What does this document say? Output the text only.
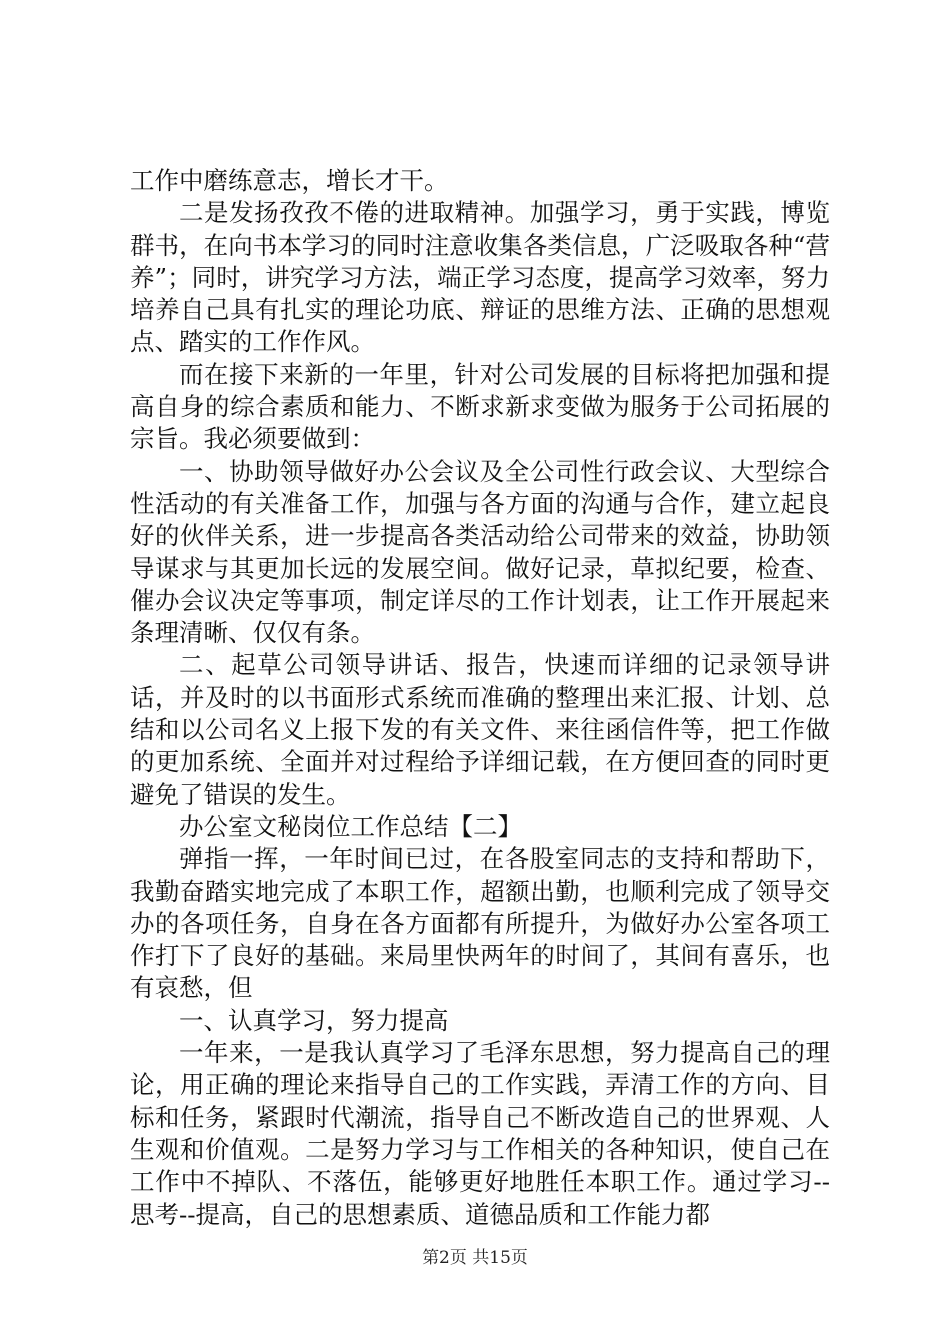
工作中磨练意志，增长才干。

二是发扬孜孜不倦的进取精神。加强学习，勇于实践，博览群书，在向书本学习的同时注意收集各类信息，广泛吸取各种“营养”；同时，讲究学习方法，端正学习态度，提高学习效率，努力培养自己具有扎实的理论功底、辩证的思维方法、正确的思想观点、踏实的工作作风。

而在接下来新的一年里，针对公司发展的目标将把加强和提高自身的综合素质和能力、不断求新求变做为服务于公司拓展的宗旨。我必须要做到：

一、协助领导做好办公会议及全公司性行政会议、大型综合性活动的有关准备工作，加强与各方面的沟通与合作，建立起良好的伙伴关系，进一步提高各类活动给公司带来的效益，协助领导谋求与其更加长远的发展空间。做好记录，草拟纪要，检查、催办会议决定等事项，制定详尽的工作计划表，让工作开展起来条理清晰、仅仅有条。

二、起草公司领导讲话、报告，快速而详细的记录领导讲话，并及时的以书面形式系统而准确的整理出来汇报、计划、总结和以公司名义上报下发的有关文件、来往函信件等，把工作做的更加系统、全面并对过程给予详细记载，在方便回查的同时更避免了错误的发生。

办公室文秘岗位工作总结【二】

弹指一挥，一年时间已过，在各股室同志的支持和帮助下，我勤奋踏实地完成了本职工作，超额出勤，也顺利完成了领导交办的各项任务，自身在各方面都有所提升，为做好办公室各项工作打下了良好的基础。来局里快两年的时间了，其间有喜乐，也有哀愁，但

一、认真学习，努力提高

一年来，一是我认真学习了毛泽东思想，努力提高自己的理论，用正确的理论来指导自己的工作实践，弄清工作的方向、目标和任务，紧跟时代潮流，指导自己不断改造自己的世界观、人生观和价值观。二是努力学习与工作相关的各种知识，使自己在工作中不掉队、不落伍，能够更好地胜任本职工作。通过学习--思考--提高，自己的思想素质、道德品质和工作能力都

第2页 共15页
